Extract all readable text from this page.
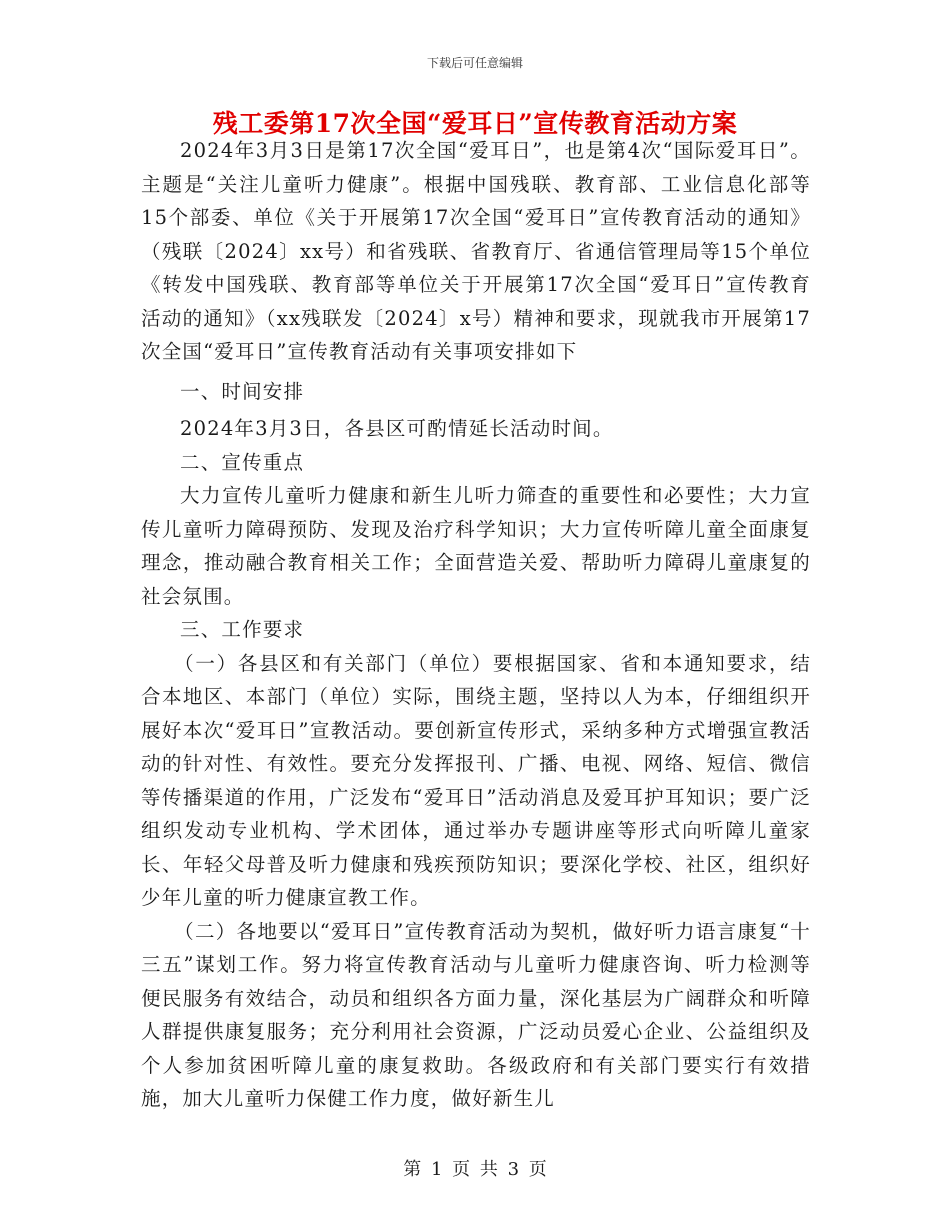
下载后可任意编辑
残工委第17次全国“爱耳日”宣传教育活动方案

2024年3月3日是第17次全国“爱耳日”，也是第4次“国际爱耳日”。主题是“关注儿童听力健康”。根据中国残联、教育部、工业信息化部等15个部委、单位《关于开展第17次全国“爱耳日”宣传教育活动的通知》（残联〔2024〕xx号）和省残联、省教育厅、省通信管理局等15个单位《转发中国残联、教育部等单位关于开展第17次全国“爱耳日”宣传教育活动的通知》（xx残联发〔2024〕x号）精神和要求，现就我市开展第17次全国“爱耳日”宣传教育活动有关事项安排如下

一、时间安排

2024年3月3日，各县区可酌情延长活动时间。

二、宣传重点

大力宣传儿童听力健康和新生儿听力筛查的重要性和必要性；大力宣传儿童听力障碍预防、发现及治疗科学知识；大力宣传听障儿童全面康复理念，推动融合教育相关工作；全面营造关爱、帮助听力障碍儿童康复的社会氛围。

三、工作要求

（一）各县区和有关部门（单位）要根据国家、省和本通知要求，结合本地区、本部门（单位）实际，围绕主题，坚持以人为本，仔细组织开展好本次“爱耳日”宣教活动。要创新宣传形式，采纳多种方式增强宣教活动的针对性、有效性。要充分发挥报刊、广播、电视、网络、短信、微信等传播渠道的作用，广泛发布“爱耳日”活动消息及爱耳护耳知识；要广泛组织发动专业机构、学术团体，通过举办专题讲座等形式向听障儿童家长、年轻父母普及听力健康和残疾预防知识；要深化学校、社区，组织好少年儿童的听力健康宣教工作。

（二）各地要以“爱耳日”宣传教育活动为契机，做好听力语言康复“十三五”谋划工作。努力将宣传教育活动与儿童听力健康咨询、听力检测等便民服务有效结合，动员和组织各方面力量，深化基层为广阔群众和听障人群提供康复服务；充分利用社会资源，广泛动员爱心企业、公益组织及个人参加贫困听障儿童的康复救助。各级政府和有关部门要实行有效措施，加大儿童听力保健工作力度，做好新生儿

第 1 页 共 3 页
